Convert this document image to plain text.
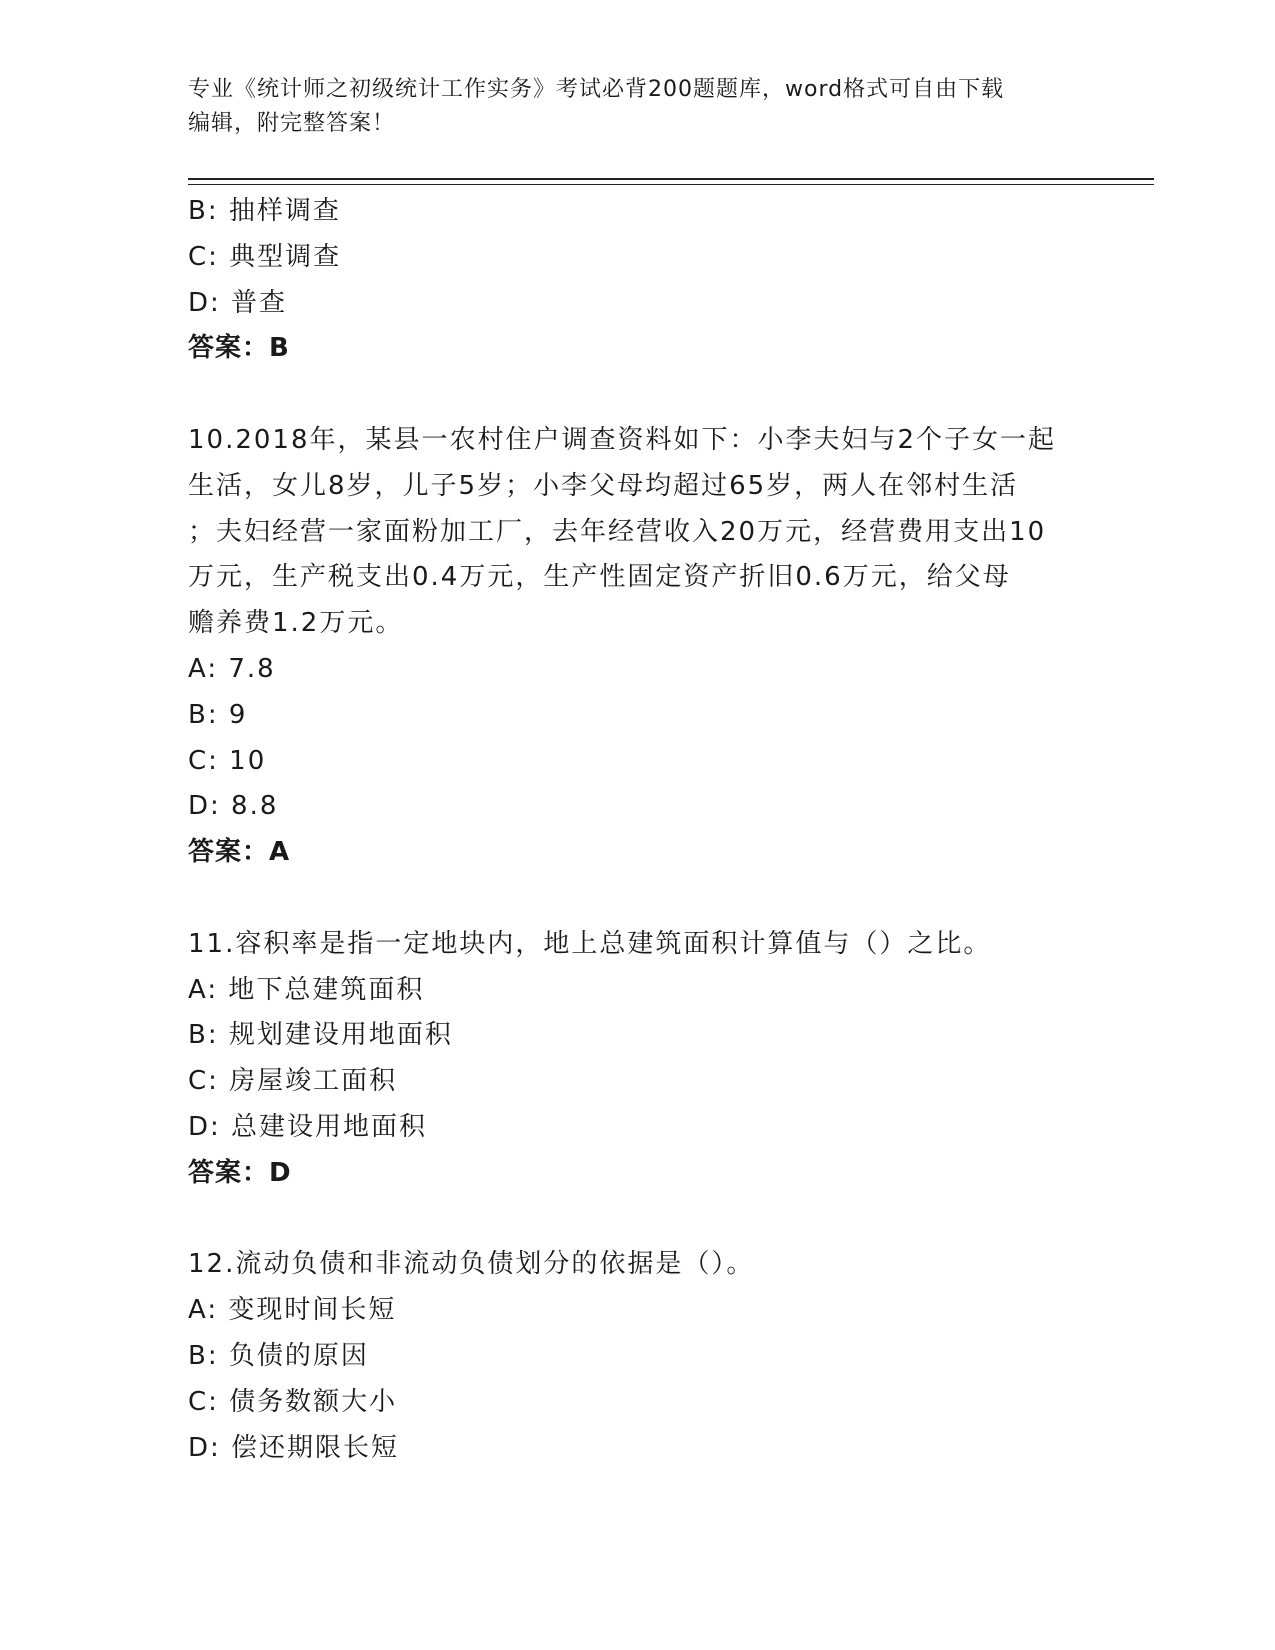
专业《统计师之初级统计工作实务》考试必背200题题库，word格式可自由下载
编辑，附完整答案！
B: 抽样调查
C: 典型调查
D: 普查
答案：B
10.2018年，某县一农村住户调查资料如下：小李夫妇与2个子女一起
生活，女儿8岁，儿子5岁；小李父母均超过65岁，两人在邻村生活
；夫妇经营一家面粉加工厂，去年经营收入20万元，经营费用支出10
万元，生产税支出0.4万元，生产性固定资产折旧0.6万元，给父母
赡养费1.2万元。
A: 7.8
B: 9
C: 10
D: 8.8
答案：A
11.容积率是指一定地块内，地上总建筑面积计算值与（）之比。
A: 地下总建筑面积
B: 规划建设用地面积
C: 房屋竣工面积
D: 总建设用地面积
答案：D
12.流动负债和非流动负债划分的依据是（）。
A: 变现时间长短
B: 负债的原因
C: 债务数额大小
D: 偿还期限长短
